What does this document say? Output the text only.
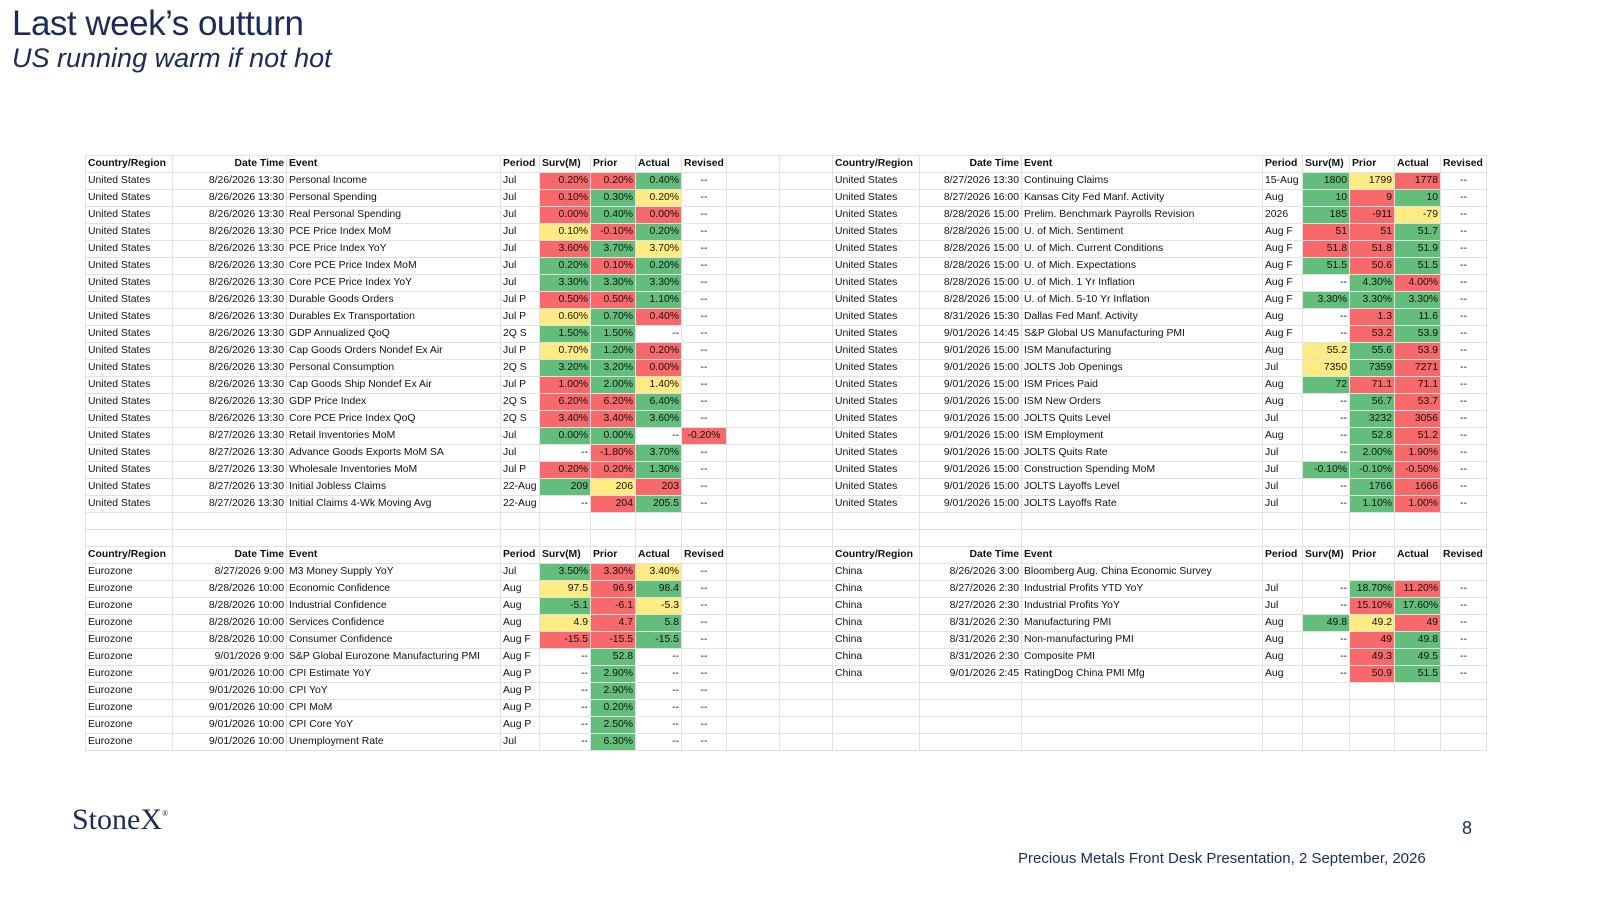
Last week’s outturn
US running warm if not hot
Country/Region	Date Time	Event	Period	Surv(M)	Prior	Actual	Revised			Country/Region	Date Time	Event	Period	Surv(M)	Prior	Actual	Revised
United States	8/26/2026 13:30	Personal Income	Jul	0.20%	0.20%	0.40%	--			United States	8/27/2026 13:30	Continuing Claims	15-Aug	1800	1799	1778	--
United States	8/26/2026 13:30	Personal Spending	Jul	0.10%	0.30%	0.20%	--			United States	8/27/2026 16:00	Kansas City Fed Manf. Activity	Aug	10	9	10	--
United States	8/26/2026 13:30	Real Personal Spending	Jul	0.00%	0.40%	0.00%	--			United States	8/28/2026 15:00	Prelim. Benchmark Payrolls Revision	2026	185	-911	-79	--
United States	8/26/2026 13:30	PCE Price Index MoM	Jul	0.10%	-0.10%	0.20%	--			United States	8/28/2026 15:00	U. of Mich. Sentiment	Aug F	51	51	51.7	--
United States	8/26/2026 13:30	PCE Price Index YoY	Jul	3.60%	3.70%	3.70%	--			United States	8/28/2026 15:00	U. of Mich. Current Conditions	Aug F	51.8	51.8	51.9	--
United States	8/26/2026 13:30	Core PCE Price Index MoM	Jul	0.20%	0.10%	0.20%	--			United States	8/28/2026 15:00	U. of Mich. Expectations	Aug F	51.5	50.6	51.5	--
United States	8/26/2026 13:30	Core PCE Price Index YoY	Jul	3.30%	3.30%	3.30%	--			United States	8/28/2026 15:00	U. of Mich. 1 Yr Inflation	Aug F	--	4.30%	4.00%	--
United States	8/26/2026 13:30	Durable Goods Orders	Jul P	0.50%	0.50%	1.10%	--			United States	8/28/2026 15:00	U. of Mich. 5-10 Yr Inflation	Aug F	3.30%	3.30%	3.30%	--
United States	8/26/2026 13:30	Durables Ex Transportation	Jul P	0.60%	0.70%	0.40%	--			United States	8/31/2026 15:30	Dallas Fed Manf. Activity	Aug	--	1.3	11.6	--
United States	8/26/2026 13:30	GDP Annualized QoQ	2Q S	1.50%	1.50%	--	--			United States	9/01/2026 14:45	S&P Global US Manufacturing PMI	Aug F	--	53.2	53.9	--
United States	8/26/2026 13:30	Cap Goods Orders Nondef Ex Air	Jul P	0.70%	1.20%	0.20%	--			United States	9/01/2026 15:00	ISM Manufacturing	Aug	55.2	55.6	53.9	--
United States	8/26/2026 13:30	Personal Consumption	2Q S	3.20%	3.20%	0.00%	--			United States	9/01/2026 15:00	JOLTS Job Openings	Jul	7350	7359	7271	--
United States	8/26/2026 13:30	Cap Goods Ship Nondef Ex Air	Jul P	1.00%	2.00%	1.40%	--			United States	9/01/2026 15:00	ISM Prices Paid	Aug	72	71.1	71.1	--
United States	8/26/2026 13:30	GDP Price Index	2Q S	6.20%	6.20%	6.40%	--			United States	9/01/2026 15:00	ISM New Orders	Aug	--	56.7	53.7	--
United States	8/26/2026 13:30	Core PCE Price Index QoQ	2Q S	3.40%	3.40%	3.60%	--			United States	9/01/2026 15:00	JOLTS Quits Level	Jul	--	3232	3056	--
United States	8/27/2026 13:30	Retail Inventories MoM	Jul	0.00%	0.00%	--	-0.20%			United States	9/01/2026 15:00	ISM Employment	Aug	--	52.8	51.2	--
United States	8/27/2026 13:30	Advance Goods Exports MoM SA	Jul	--	-1.80%	3.70%	--			United States	9/01/2026 15:00	JOLTS Quits Rate	Jul	--	2.00%	1.90%	--
United States	8/27/2026 13:30	Wholesale Inventories MoM	Jul P	0.20%	0.20%	1.30%	--			United States	9/01/2026 15:00	Construction Spending MoM	Jul	-0.10%	-0.10%	-0.50%	--
United States	8/27/2026 13:30	Initial Jobless Claims	22-Aug	209	206	203	--			United States	9/01/2026 15:00	JOLTS Layoffs Level	Jul	--	1766	1666	--
United States	8/27/2026 13:30	Initial Claims 4-Wk Moving Avg	22-Aug	--	204	205.5	--			United States	9/01/2026 15:00	JOLTS Layoffs Rate	Jul	--	1.10%	1.00%	--

Country/Region	Date Time	Event	Period	Surv(M)	Prior	Actual	Revised			Country/Region	Date Time	Event	Period	Surv(M)	Prior	Actual	Revised
Eurozone	8/27/2026 9:00	M3 Money Supply YoY	Jul	3.50%	3.30%	3.40%	--			China	8/26/2026 3:00	Bloomberg Aug. China Economic Survey					
Eurozone	8/28/2026 10:00	Economic Confidence	Aug	97.5	96.9	98.4	--			China	8/27/2026 2:30	Industrial Profits YTD YoY	Jul	--	18.70%	11.20%	--
Eurozone	8/28/2026 10:00	Industrial Confidence	Aug	-5.1	-6.1	-5.3	--			China	8/27/2026 2:30	Industrial Profits YoY	Jul	--	15.10%	17.60%	--
Eurozone	8/28/2026 10:00	Services Confidence	Aug	4.9	4.7	5.8	--			China	8/31/2026 2:30	Manufacturing PMI	Aug	49.8	49.2	49	--
Eurozone	8/28/2026 10:00	Consumer Confidence	Aug F	-15.5	-15.5	-15.5	--			China	8/31/2026 2:30	Non-manufacturing PMI	Aug	--	49	49.8	--
Eurozone	9/01/2026 9:00	S&P Global Eurozone Manufacturing PMI	Aug F	--	52.8	--	--			China	8/31/2026 2:30	Composite PMI	Aug	--	49.3	49.5	--
Eurozone	9/01/2026 10:00	CPI Estimate YoY	Aug P	--	2.90%	--	--			China	9/01/2026 2:45	RatingDog China PMI Mfg	Aug	--	50.9	51.5	--
Eurozone	9/01/2026 10:00	CPI YoY	Aug P	--	2.90%	--	--										
Eurozone	9/01/2026 10:00	CPI MoM	Aug P	--	0.20%	--	--										
Eurozone	9/01/2026 10:00	CPI Core YoY	Aug P	--	2.50%	--	--										
Eurozone	9/01/2026 10:00	Unemployment Rate	Jul	--	6.30%	--	--										
StoneX®
8
Precious Metals Front Desk Presentation, 2 September, 2026
